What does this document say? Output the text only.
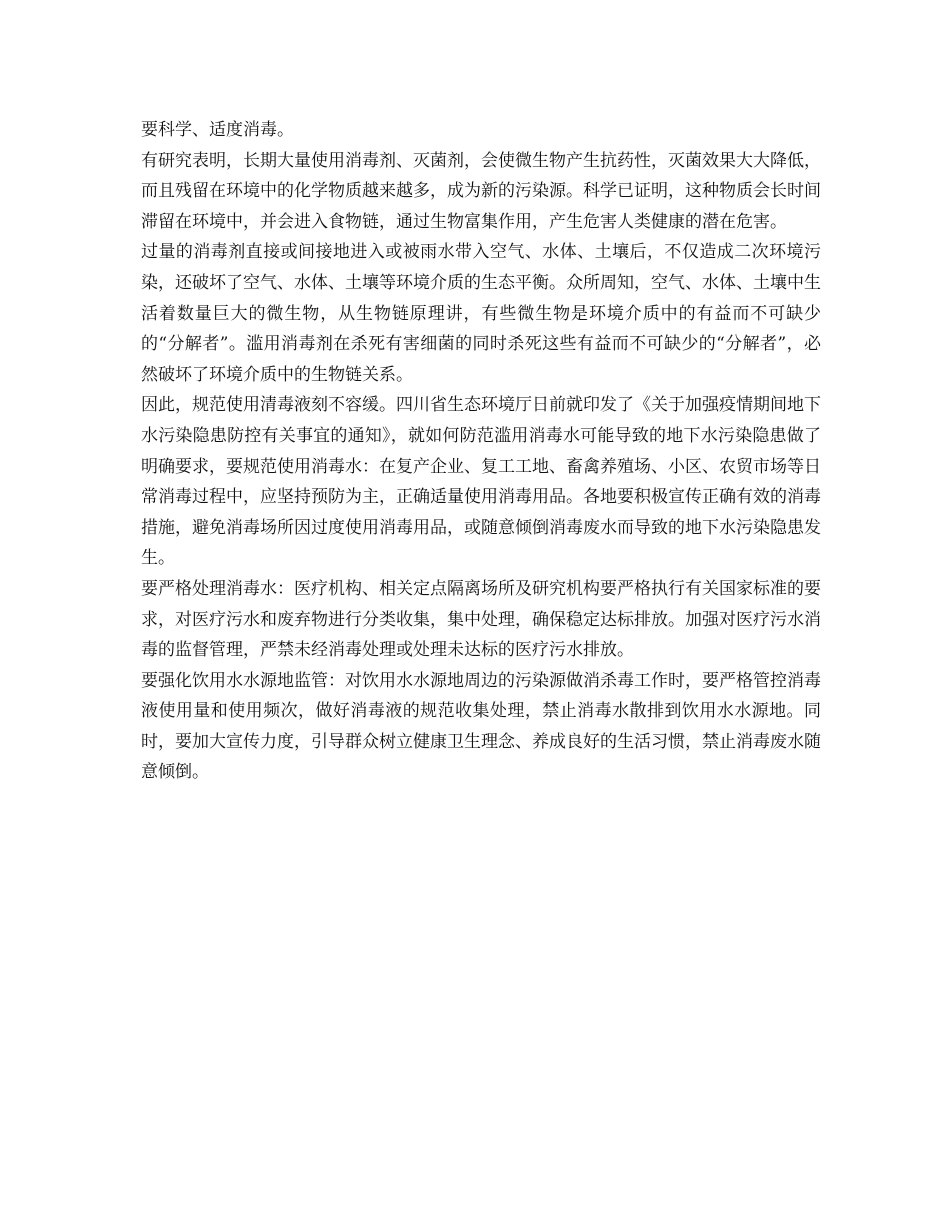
要科学、适度消毒。

有研究表明，长期大量使用消毒剂、灭菌剂，会使微生物产生抗药性，灭菌效果大大降低，而且残留在环境中的化学物质越来越多，成为新的污染源。科学已证明，这种物质会长时间滞留在环境中，并会进入食物链，通过生物富集作用，产生危害人类健康的潜在危害。

过量的消毒剂直接或间接地进入或被雨水带入空气、水体、土壤后，不仅造成二次环境污染，还破坏了空气、水体、土壤等环境介质的生态平衡。众所周知，空气、水体、土壤中生活着数量巨大的微生物，从生物链原理讲，有些微生物是环境介质中的有益而不可缺少的“分解者”。滥用消毒剂在杀死有害细菌的同时杀死这些有益而不可缺少的“分解者”，必然破坏了环境介质中的生物链关系。

因此，规范使用清毒液刻不容缓。四川省生态环境厅日前就印发了《关于加强疫情期间地下水污染隐患防控有关事宜的通知》，就如何防范滥用消毒水可能导致的地下水污染隐患做了明确要求，要规范使用消毒水：在复产企业、复工工地、畜禽养殖场、小区、农贸市场等日常消毒过程中，应坚持预防为主，正确适量使用消毒用品。各地要积极宣传正确有效的消毒措施，避免消毒场所因过度使用消毒用品，或随意倾倒消毒废水而导致的地下水污染隐患发生。

要严格处理消毒水：医疗机构、相关定点隔离场所及研究机构要严格执行有关国家标准的要求，对医疗污水和废弃物进行分类收集，集中处理，确保稳定达标排放。加强对医疗污水消毒的监督管理，严禁未经消毒处理或处理未达标的医疗污水排放。

要强化饮用水水源地监管：对饮用水水源地周边的污染源做消杀毒工作时，要严格管控消毒液使用量和使用频次，做好消毒液的规范收集处理，禁止消毒水散排到饮用水水源地。同时，要加大宣传力度，引导群众树立健康卫生理念、养成良好的生活习惯，禁止消毒废水随意倾倒。
